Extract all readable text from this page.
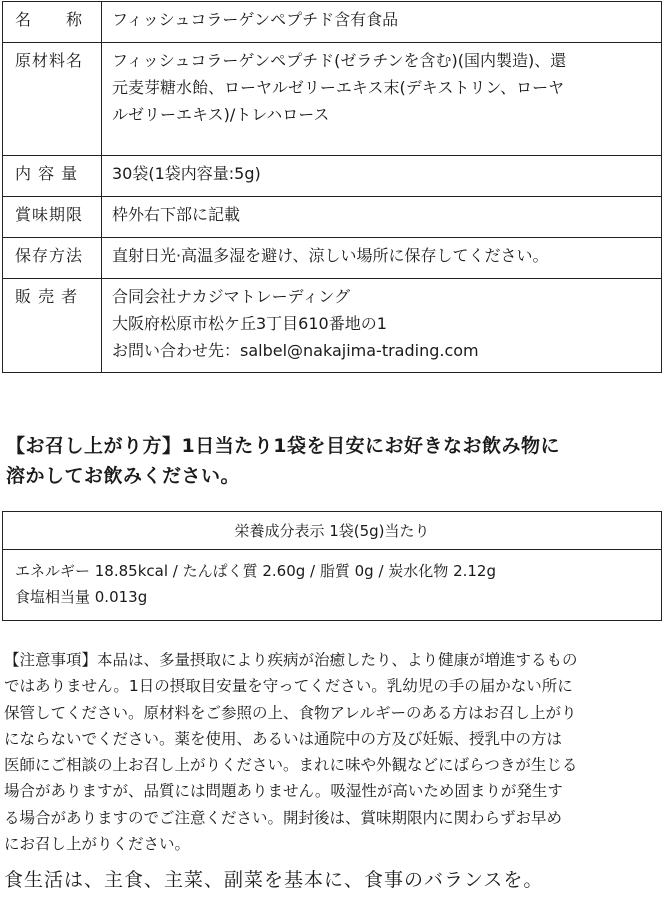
名　　称	フィッシュコラーゲンペプチド含有食品
原材料名	フィッシュコラーゲンペプチド(ゼラチンを含む)(国内製造)、還
元麦芽糖水飴、ローヤルゼリーエキス末(デキストリン、ローヤ
ルゼリーエキス)/トレハロース

内 容 量	30袋(1袋内容量:5g)
賞味期限	枠外右下部に記載
保存方法	直射日光·高温多湿を避け、涼しい場所に保存してください。
販 売 者	合同会社ナカジマトレーディング
大阪府松原市松ケ丘3丁目610番地の1
お問い合わせ先：salbel@nakajima-trading.com
【お召し上がり方】1日当たり1袋を目安にお好きなお飲み物に
溶かしてお飲みください。
栄養成分表示 1袋(5g)当たり
エネルギー 18.85kcal / たんぱく質 2.60g / 脂質 0g / 炭水化物 2.12g
食塩相当量 0.013g
【注意事項】本品は、多量摂取により疾病が治癒したり、より健康が増進するもの
ではありません。1日の摂取目安量を守ってください。乳幼児の手の届かない所に
保管してください。原材料をご参照の上、食物アレルギーのある方はお召し上がり
にならないでください。薬を使用、あるいは通院中の方及び妊娠、授乳中の方は
医師にご相談の上お召し上がりください。まれに味や外観などにばらつきが生じる
場合がありますが、品質には問題ありません。吸湿性が高いため固まりが発生す
る場合がありますのでご注意ください。開封後は、賞味期限内に関わらずお早め
にお召し上がりください。
食生活は、主食、主菜、副菜を基本に、食事のバランスを。
